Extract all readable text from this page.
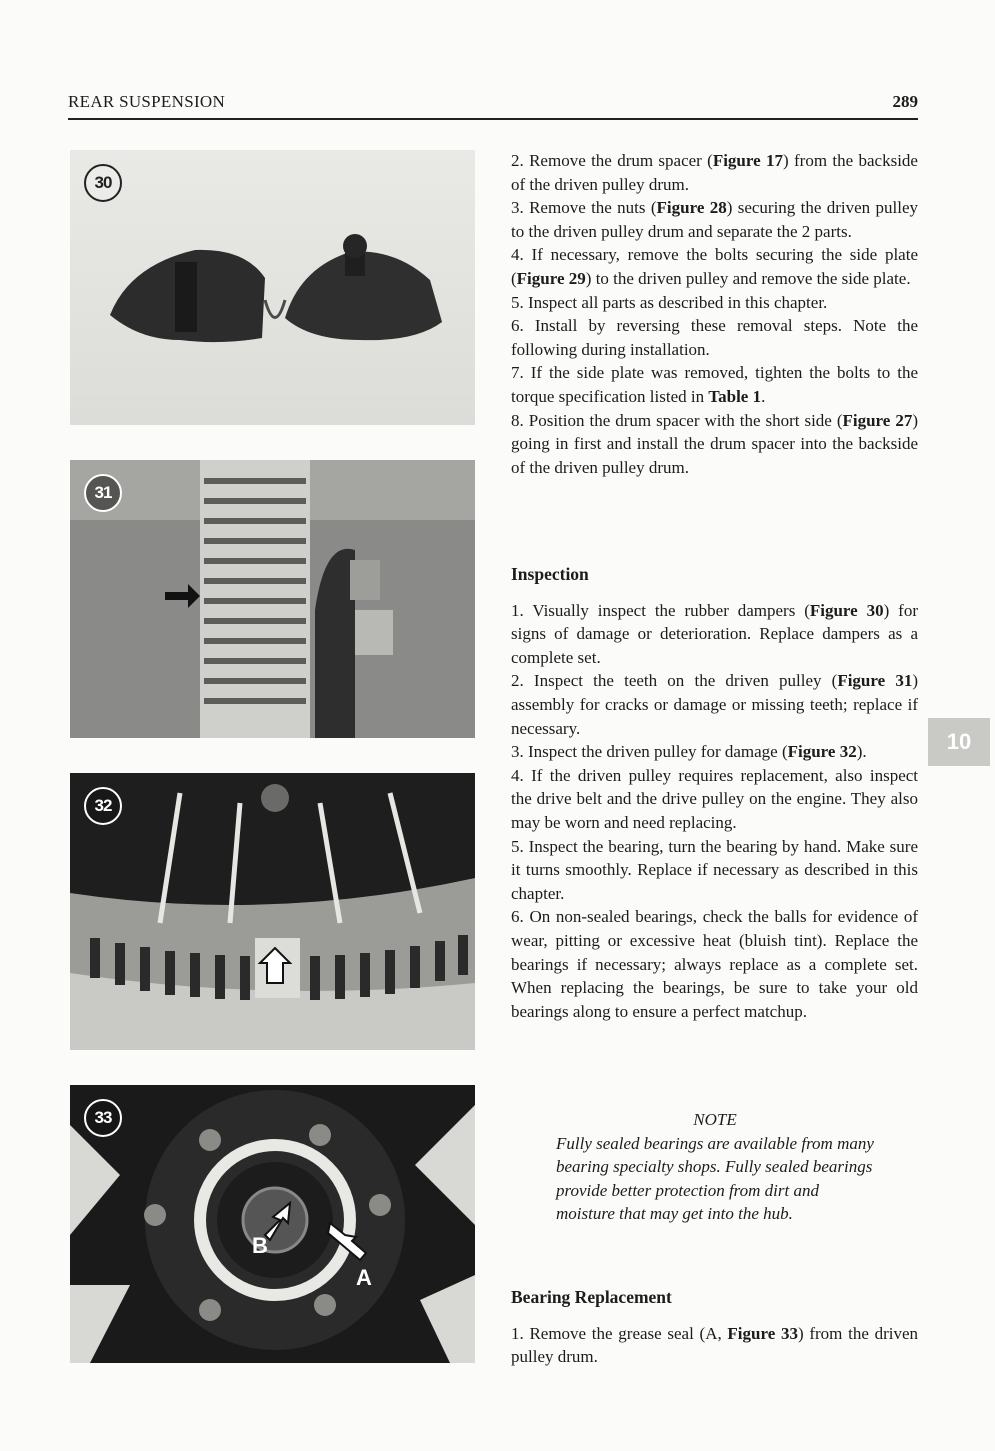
REAR SUSPENSION	289
30
31
32
33
B
A

2. Remove the drum spacer (Figure 17) from the backside of the driven pulley drum.

3. Remove the nuts (Figure 28) securing the driven pulley to the driven pulley drum and separate the 2 parts.

4. If necessary, remove the bolts securing the side plate (Figure 29) to the driven pulley and remove the side plate.

5. Inspect all parts as described in this chapter.

6. Install by reversing these removal steps. Note the following during installation.

7. If the side plate was removed, tighten the bolts to the torque specification listed in Table 1.

8. Position the drum spacer with the short side (Figure 27) going in first and install the drum spacer into the backside of the driven pulley drum.

Inspection

1. Visually inspect the rubber dampers (Figure 30) for signs of damage or deterioration. Replace dampers as a complete set.

2. Inspect the teeth on the driven pulley (Figure 31) assembly for cracks or damage or missing teeth; replace if necessary.

3. Inspect the driven pulley for damage (Figure 32).

4. If the driven pulley requires replacement, also inspect the drive belt and the drive pulley on the engine. They also may be worn and need replacing.

5. Inspect the bearing, turn the bearing by hand. Make sure it turns smoothly. Replace if necessary as described in this chapter.

6. On non-sealed bearings, check the balls for evidence of wear, pitting or excessive heat (bluish tint). Replace the bearings if necessary; always replace as a complete set. When replacing the bearings, be sure to take your old bearings along to ensure a perfect matchup.

NOTE

Fully sealed bearings are available from many bearing specialty shops. Fully sealed bearings provide better protection from dirt and moisture that may get into the hub.

Bearing Replacement

1. Remove the grease seal (A, Figure 33) from the driven pulley drum.

10
